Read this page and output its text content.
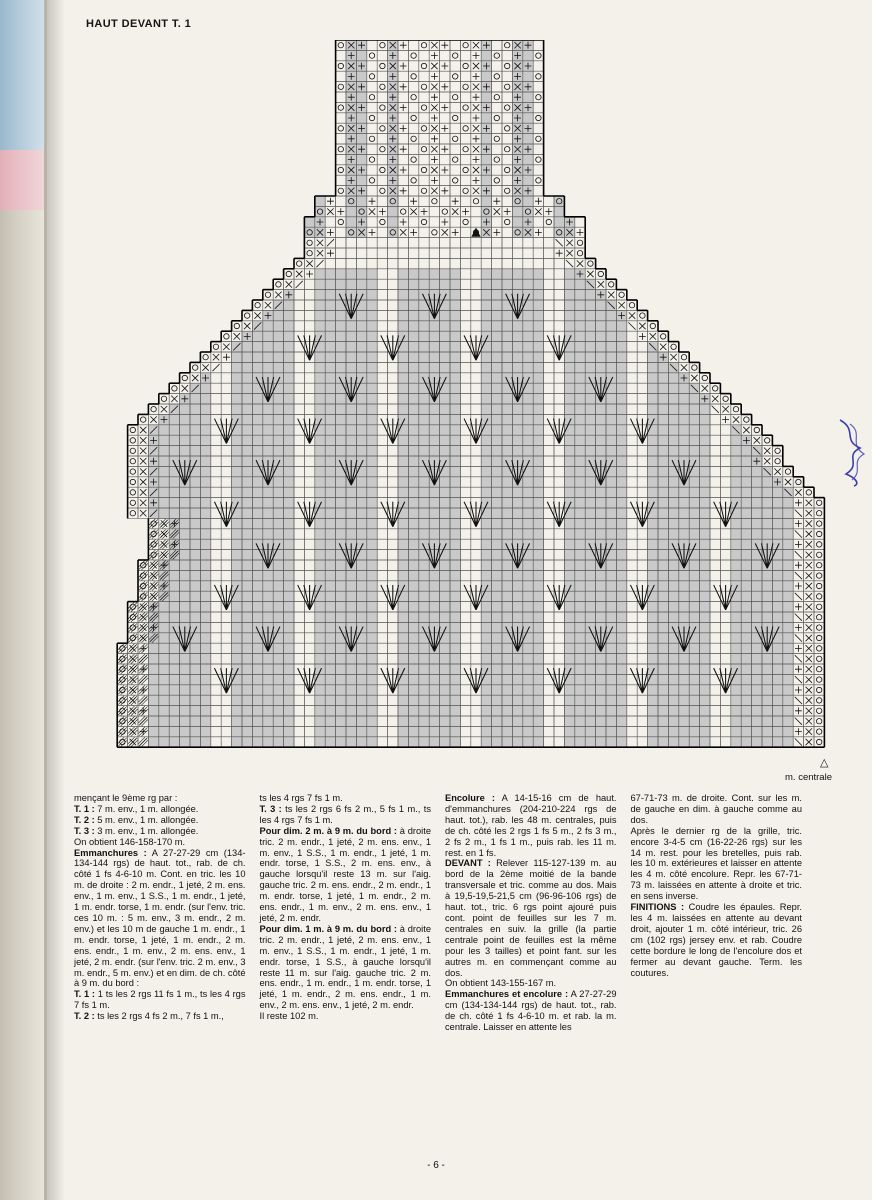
HAUT DEVANT T. 1
△
m. centrale

mençant le 9ème rg par :

T. 1 : 7 m. env., 1 m. allongée.

T. 2 : 5 m. env., 1 m. allongée.

T. 3 : 3 m. env., 1 m. allongée.

On obtient 146-158-170 m.

Emmanchures : A 27-27-29 cm (134-134-144 rgs) de haut. tot., rab. de ch. côté 1 fs 4-6-10 m. Cont. en tric. les 10 m. de droite : 2 m. endr., 1 jeté, 2 m. ens. env., 1 m. env., 1 S.S., 1 m. endr., 1 jeté, 1 m. endr. torse, 1 m. endr. (sur l'env. tric. ces 10 m. : 5 m. env., 3 m. endr., 2 m. env.) et les 10 m de gauche 1 m. endr., 1 m. endr. torse, 1 jeté, 1 m. endr., 2 m. ens. endr., 1 m. env., 2 m. ens. env., 1 jeté, 2 m. endr. (sur l'env. tric. 2 m. env., 3 m. endr., 5 m. env.) et en dim. de ch. côté à 9 m. du bord :

T. 1 : 1 ts les 2 rgs 11 fs 1 m., ts les 4 rgs 7 fs 1 m.

T. 2 : ts les 2 rgs 4 fs 2 m., 7 fs 1 m.,

ts les 4 rgs 7 fs 1 m.

T. 3 : ts les 2 rgs 6 fs 2 m., 5 fs 1 m., ts les 4 rgs 7 fs 1 m.

Pour dim. 2 m. à 9 m. du bord : à droite tric. 2 m. endr., 1 jeté, 2 m. ens. env., 1 m. env., 1 S.S., 1 m. endr., 1 jeté, 1 m. endr. torse, 1 S.S., 2 m. ens. env., à gauche lorsqu'il reste 13 m. sur l'aig. gauche tric. 2 m. ens. endr., 2 m. endr., 1 m. endr. torse, 1 jeté, 1 m. endr., 2 m. ens. endr., 1 m. env., 2 m. ens. env., 1 jeté, 2 m. endr.

Pour dim. 1 m. à 9 m. du bord : à droite tric. 2 m. endr., 1 jeté, 2 m. ens. env., 1 m. env., 1 S.S., 1 m. endr., 1 jeté, 1 m. endr. torse, 1 S.S., à gauche lorsqu'il reste 11 m. sur l'aig. gauche tric. 2 m. ens. endr., 1 m. endr., 1 m. endr. torse, 1 jeté, 1 m. endr., 2 m. ens. endr., 1 m. env., 2 m. ens. env., 1 jeté, 2 m. endr.

Il reste 102 m.

Encolure : A 14-15-16 cm de haut. d'emmanchures (204-210-224 rgs de haut. tot.), rab. les 48 m. centrales, puis de ch. côté les 2 rgs 1 fs 5 m., 2 fs 3 m., 2 fs 2 m., 1 fs 1 m., puis rab. les 11 m. rest. en 1 fs.

DEVANT : Relever 115-127-139 m. au bord de la 2ème moitié de la bande transversale et tric. comme au dos. Mais à 19,5-19,5-21,5 cm (96-96-106 rgs) de haut. tot., tric. 6 rgs point ajouré puis cont. point de feuilles sur les 7 m. centrales en suiv. la grille (la partie centrale point de feuilles est la même pour les 3 tailles) et point fant. sur les autres m. en commençant comme au dos.

On obtient 143-155-167 m.

Emmanchures et encolure : A 27-27-29 cm (134-134-144 rgs) de haut. tot., rab. de ch. côté 1 fs 4-6-10 m. et rab. la m. centrale. Laisser en attente les

67-71-73 m. de droite. Cont. sur les m. de gauche en dim. à gauche comme au dos.

Après le dernier rg de la grille, tric. encore 3-4-5 cm (16-22-26 rgs) sur les 14 m. rest. pour les bretelles, puis rab. les 10 m. extérieures et laisser en attente les 4 m. côté encolure. Repr. les 67-71-73 m. laissées en attente à droite et tric. en sens inverse.

FINITIONS : Coudre les épaules. Repr. les 4 m. laissées en attente au devant droit, ajouter 1 m. côté intérieur, tric. 26 cm (102 rgs) jersey env. et rab. Coudre cette bordure le long de l'encolure dos et fermer au devant gauche. Term. les coutures.

- 6 -
